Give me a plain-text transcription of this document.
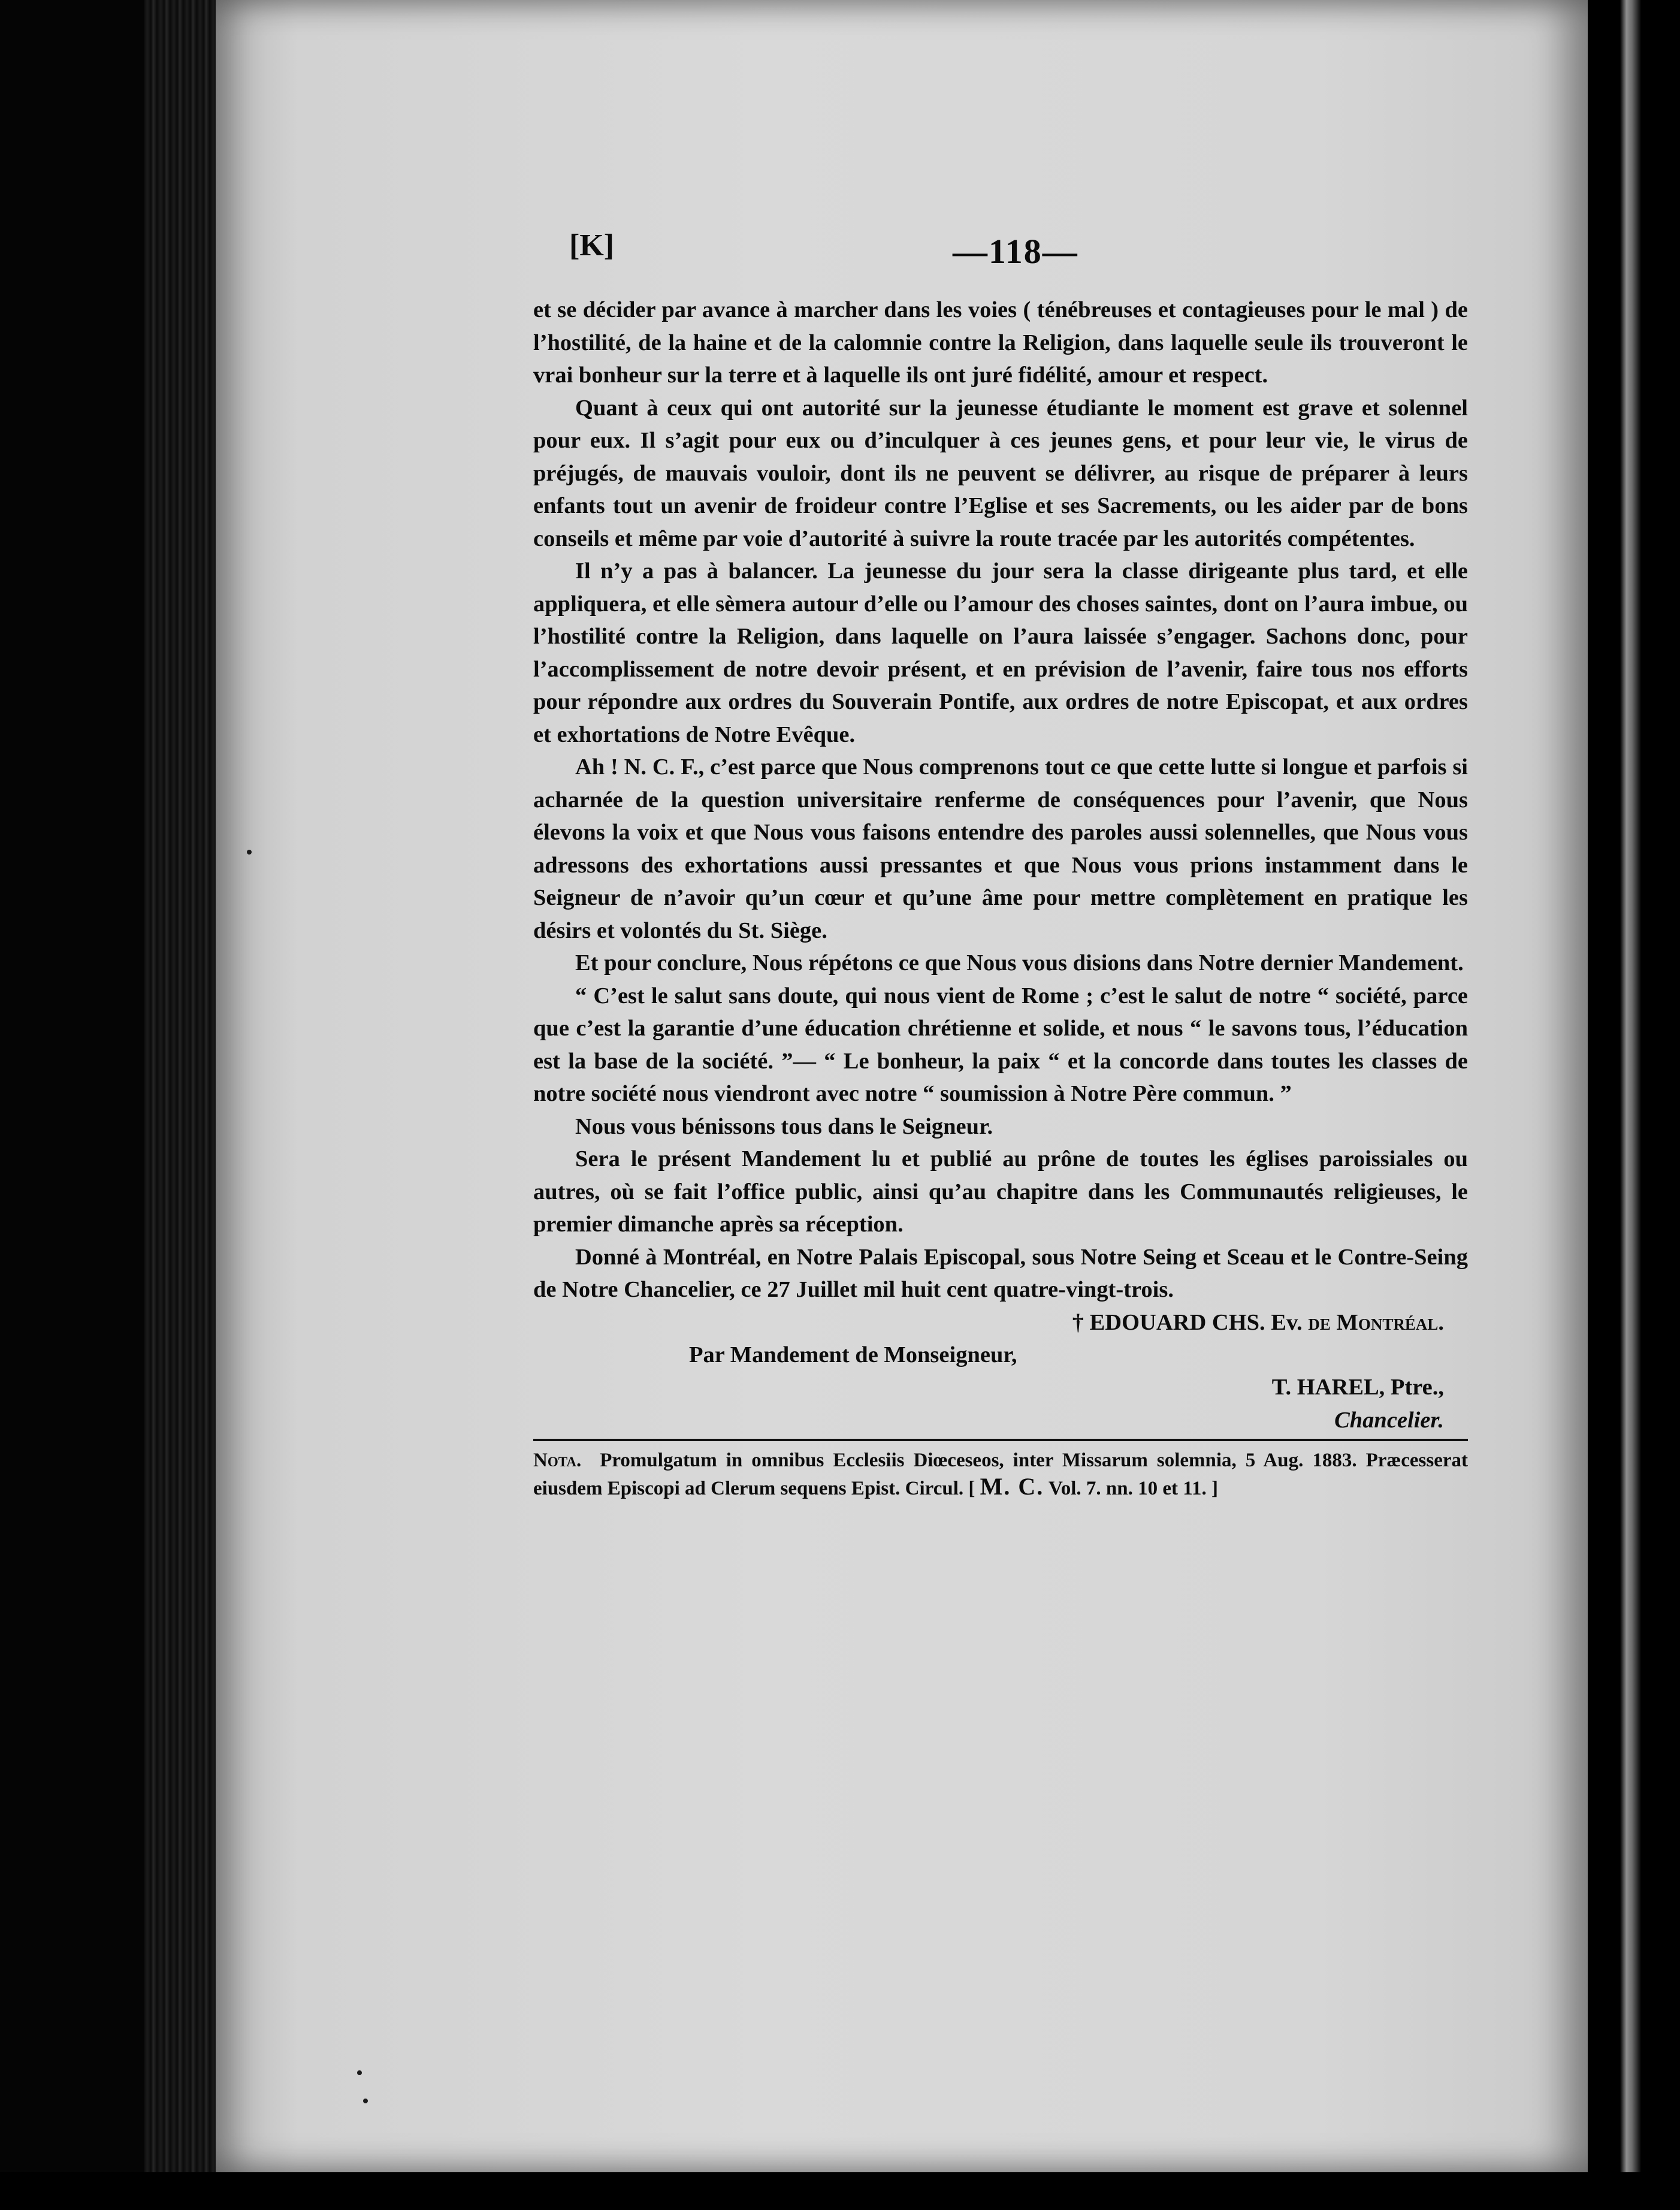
[K]	—118—

et se décider par avance à marcher dans les voies ( ténébreuses et contagieuses pour le mal ) de l’hostilité, de la haine et de la calomnie contre la Religion, dans laquelle seule ils trouveront le vrai bonheur sur la terre et à laquelle ils ont juré fidélité, amour et respect.

Quant à ceux qui ont autorité sur la jeunesse étudiante le moment est grave et solennel pour eux. Il s’agit pour eux ou d’inculquer à ces jeunes gens, et pour leur vie, le virus de préjugés, de mauvais vouloir, dont ils ne peuvent se délivrer, au risque de préparer à leurs enfants tout un avenir de froideur contre l’Eglise et ses Sacrements, ou les aider par de bons conseils et même par voie d’autorité à suivre la route tracée par les autorités compétentes.

Il n’y a pas à balancer. La jeunesse du jour sera la classe dirigeante plus tard, et elle appliquera, et elle sèmera autour d’elle ou l’amour des choses saintes, dont on l’aura imbue, ou l’hostilité contre la Religion, dans laquelle on l’aura laissée s’engager. Sachons donc, pour l’accomplissement de notre devoir présent, et en prévision de l’avenir, faire tous nos efforts pour répondre aux ordres du Souverain Pontife, aux ordres de notre Episcopat, et aux ordres et exhortations de Notre Evêque.

Ah ! N. C. F., c’est parce que Nous comprenons tout ce que cette lutte si longue et parfois si acharnée de la question universitaire renferme de conséquences pour l’avenir, que Nous élevons la voix et que Nous vous faisons entendre des paroles aussi solennelles, que Nous vous adressons des exhortations aussi pressantes et que Nous vous prions instamment dans le Seigneur de n’avoir qu’un cœur et qu’une âme pour mettre complètement en pratique les désirs et volontés du St. Siège.

Et pour conclure, Nous répétons ce que Nous vous disions dans Notre dernier Mandement.

“ C’est le salut sans doute, qui nous vient de Rome ; c’est le salut de notre “ société, parce que c’est la garantie d’une éducation chrétienne et solide, et nous “ le savons tous, l’éducation est la base de la société. ”— “ Le bonheur, la paix “ et la concorde dans toutes les classes de notre société nous viendront avec notre “ soumission à Notre Père commun. ”

Nous vous bénissons tous dans le Seigneur.

Sera le présent Mandement lu et publié au prône de toutes les églises paroissiales ou autres, où se fait l’office public, ainsi qu’au chapitre dans les Communautés religieuses, le premier dimanche après sa réception.

Donné à Montréal, en Notre Palais Episcopal, sous Notre Seing et Sceau et le Contre-Seing de Notre Chancelier, ce 27 Juillet mil huit cent quatre-vingt-trois.

† EDOUARD CHS. Ev. de Montréal.
Par Mandement de Monseigneur,
T. HAREL, Ptre.,
Chancelier.
Nota. Promulgatum in omnibus Ecclesiis Diœceseos, inter Missarum solemnia, 5 Aug. 1883. Præcesserat eiusdem Episcopi ad Clerum sequens Epist. Circul. [ M. C. Vol. 7. nn. 10 et 11. ]
